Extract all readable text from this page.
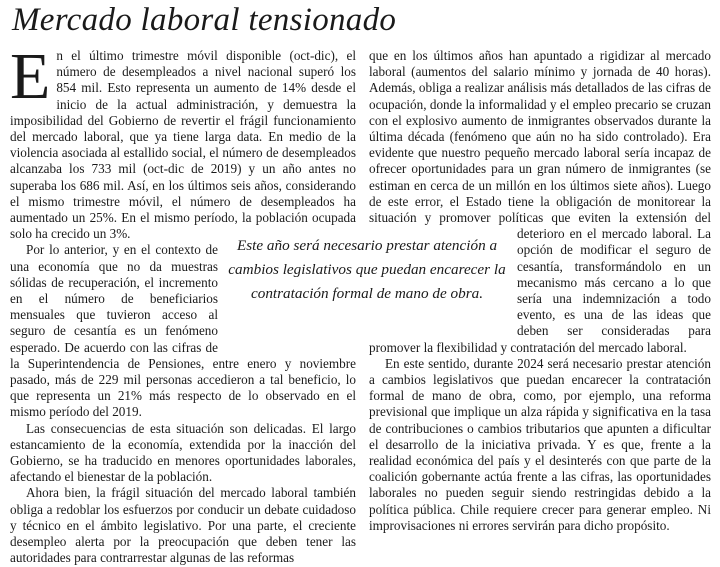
Mercado laboral tensionado

En el último trimestre móvil disponible (oct-dic), el número de desempleados a nivel nacional superó los 854 mil. Esto representa un aumento de 14% desde el inicio de la actual administración, y demuestra la imposibilidad del Gobierno de revertir el frágil funcionamiento del mercado laboral, que ya tiene larga data. En medio de la violencia asociada al estallido social, el número de desempleados alcanzaba los 733 mil (oct-dic de 2019) y un año antes no superaba los 686 mil. Así, en los últimos seis años, considerando el mismo trimestre móvil, el número de desempleados ha aumentado un 25%. En el mismo período, la población ocupada solo ha crecido un 3%.

Por lo anterior, y en el contexto de una economía que no da muestras sólidas de recuperación, el incremento en el número de beneficiarios mensuales que tuvieron acceso al seguro de cesantía es un fenómeno esperado. De acuerdo con las cifras de la Superintendencia de Pensiones, entre enero y noviembre pasado, más de 229 mil personas accedieron a tal beneficio, lo que representa un 21% más respecto de lo observado en el mismo período del 2019.

Las consecuencias de esta situación son delicadas. El largo estancamiento de la economía, extendida por la inacción del Gobierno, se ha traducido en menores oportunidades laborales, afectando el bienestar de la población.

Ahora bien, la frágil situación del mercado laboral también obliga a redoblar los esfuerzos por conducir un debate cuidadoso y técnico en el ámbito legislativo. Por una parte, el creciente desempleo alerta por la preocupación que deben tener las autoridades para contrarrestar algunas de las reformas

que en los últimos años han apuntado a rigidizar al mercado laboral (aumentos del salario mínimo y jornada de 40 horas). Además, obliga a realizar análisis más detallados de las cifras de ocupación, donde la informalidad y el empleo precario se cruzan con el explosivo aumento de inmigrantes observados durante la última década (fenómeno que aún no ha sido controlado). Era evidente que nuestro pequeño mercado laboral sería incapaz de ofrecer oportunidades para un gran número de inmigrantes (se estiman en cerca de un millón en los últimos siete años). Luego de este error, el Estado tiene la obligación de monitorear la situación y promover políticas que eviten
la extensión del deterioro en el mercado laboral. La opción de modificar el seguro de cesantía, transformándolo en un mecanismo más cercano a lo que sería una indemnización a todo evento, es una de las ideas que deben ser consideradas para promover la flexibilidad y contratación del mercado laboral.

En este sentido, durante 2024 será necesario prestar atención a cambios legislativos que puedan encarecer la contratación formal de mano de obra, como, por ejemplo, una reforma previsional que implique un alza rápida y significativa en la tasa de contribuciones o cambios tributarios que apunten a dificultar el desarrollo de la iniciativa privada. Y es que, frente a la realidad económica del país y el desinterés con que parte de la coalición gobernante actúa frente a las cifras, las oportunidades laborales no pueden seguir siendo restringidas debido a la política pública. Chile requiere crecer para generar empleo. Ni improvisaciones ni errores servirán para dicho propósito.

Este año será necesario prestar atención a cambios legislativos que puedan encarecer la contratación formal de mano de obra.
